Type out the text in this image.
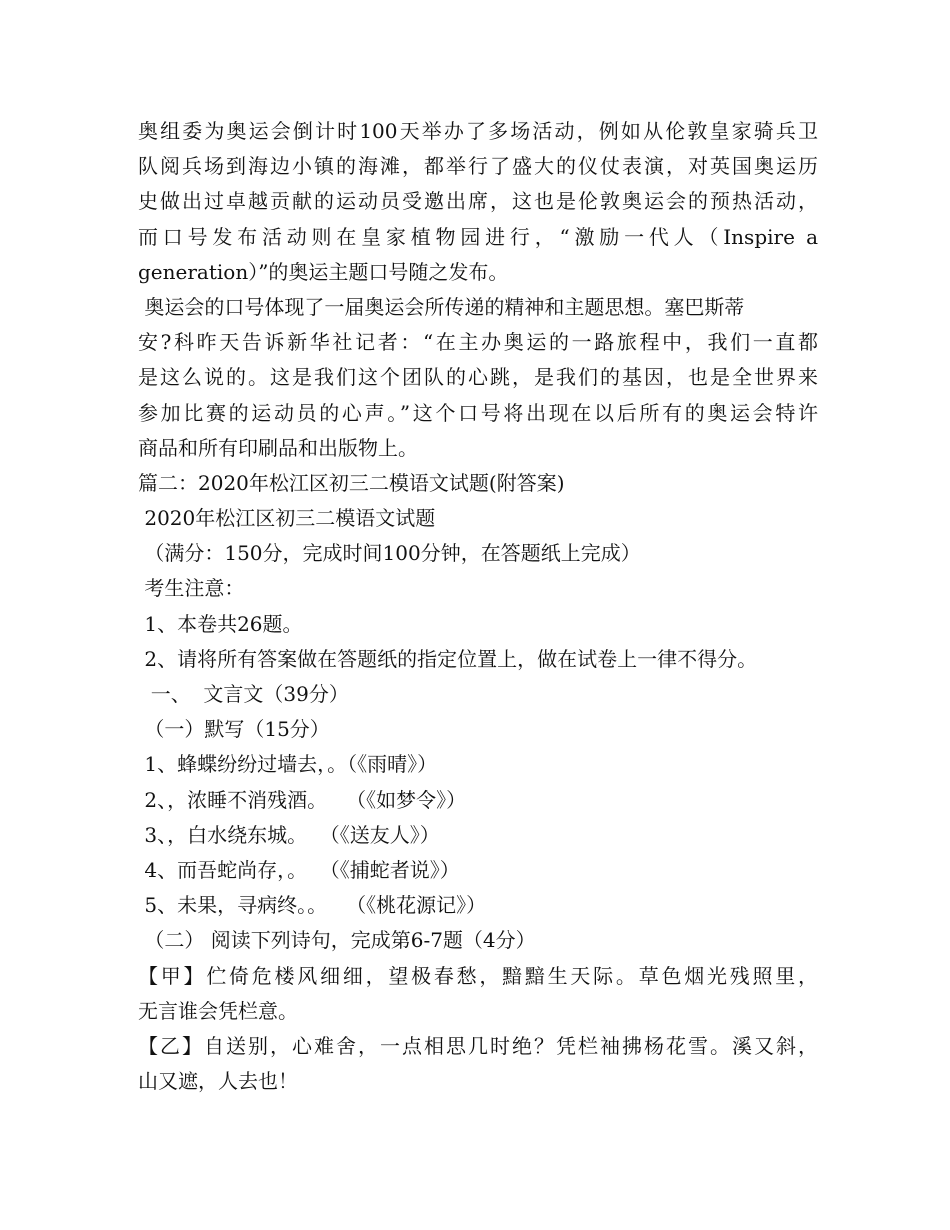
奥组委为奥运会倒计时100天举办了多场活动，例如从伦敦皇家骑兵卫
队阅兵场到海边小镇的海滩，都举行了盛大的仪仗表演，对英国奥运历
史做出过卓越贡献的运动员受邀出席，这也是伦敦奥运会的预热活动，
而口号发布活动则在皇家植物园进行，“激励一代人（Inspire a
generation）”的奥运主题口号随之发布。
奥运会的口号体现了一届奥运会所传递的精神和主题思想。塞巴斯蒂
安?科昨天告诉新华社记者：“在主办奥运的一路旅程中，我们一直都
是这么说的。这是我们这个团队的心跳，是我们的基因，也是全世界来
参加比赛的运动员的心声。”这个口号将出现在以后所有的奥运会特许
商品和所有印刷品和出版物上。
篇二：2020年松江区初三二模语文试题(附答案)
2020年松江区初三二模语文试题
（满分：150分，完成时间100分钟，在答题纸上完成）
考生注意：
1、本卷共26题。
2、请将所有答案做在答题纸的指定位置上，做在试卷上一律不得分。
一、  文言文（39分）
（一）默写（15分）
1、蜂蝶纷纷过墙去，。（《雨晴》）
2、，浓睡不消残酒。   （《如梦令》）
3、，白水绕东城。  （《送友人》）
4、而吾蛇尚存，。  （《捕蛇者说》）
5、未果，寻病终。。   （《桃花源记》）
（二） 阅读下列诗句，完成第6-7题（4分）
【甲】伫倚危楼风细细，望极春愁，黯黯生天际。草色烟光残照里，
无言谁会凭栏意。
【乙】自送别，心难舍，一点相思几时绝？凭栏袖拂杨花雪。溪又斜，
山又遮，人去也！
